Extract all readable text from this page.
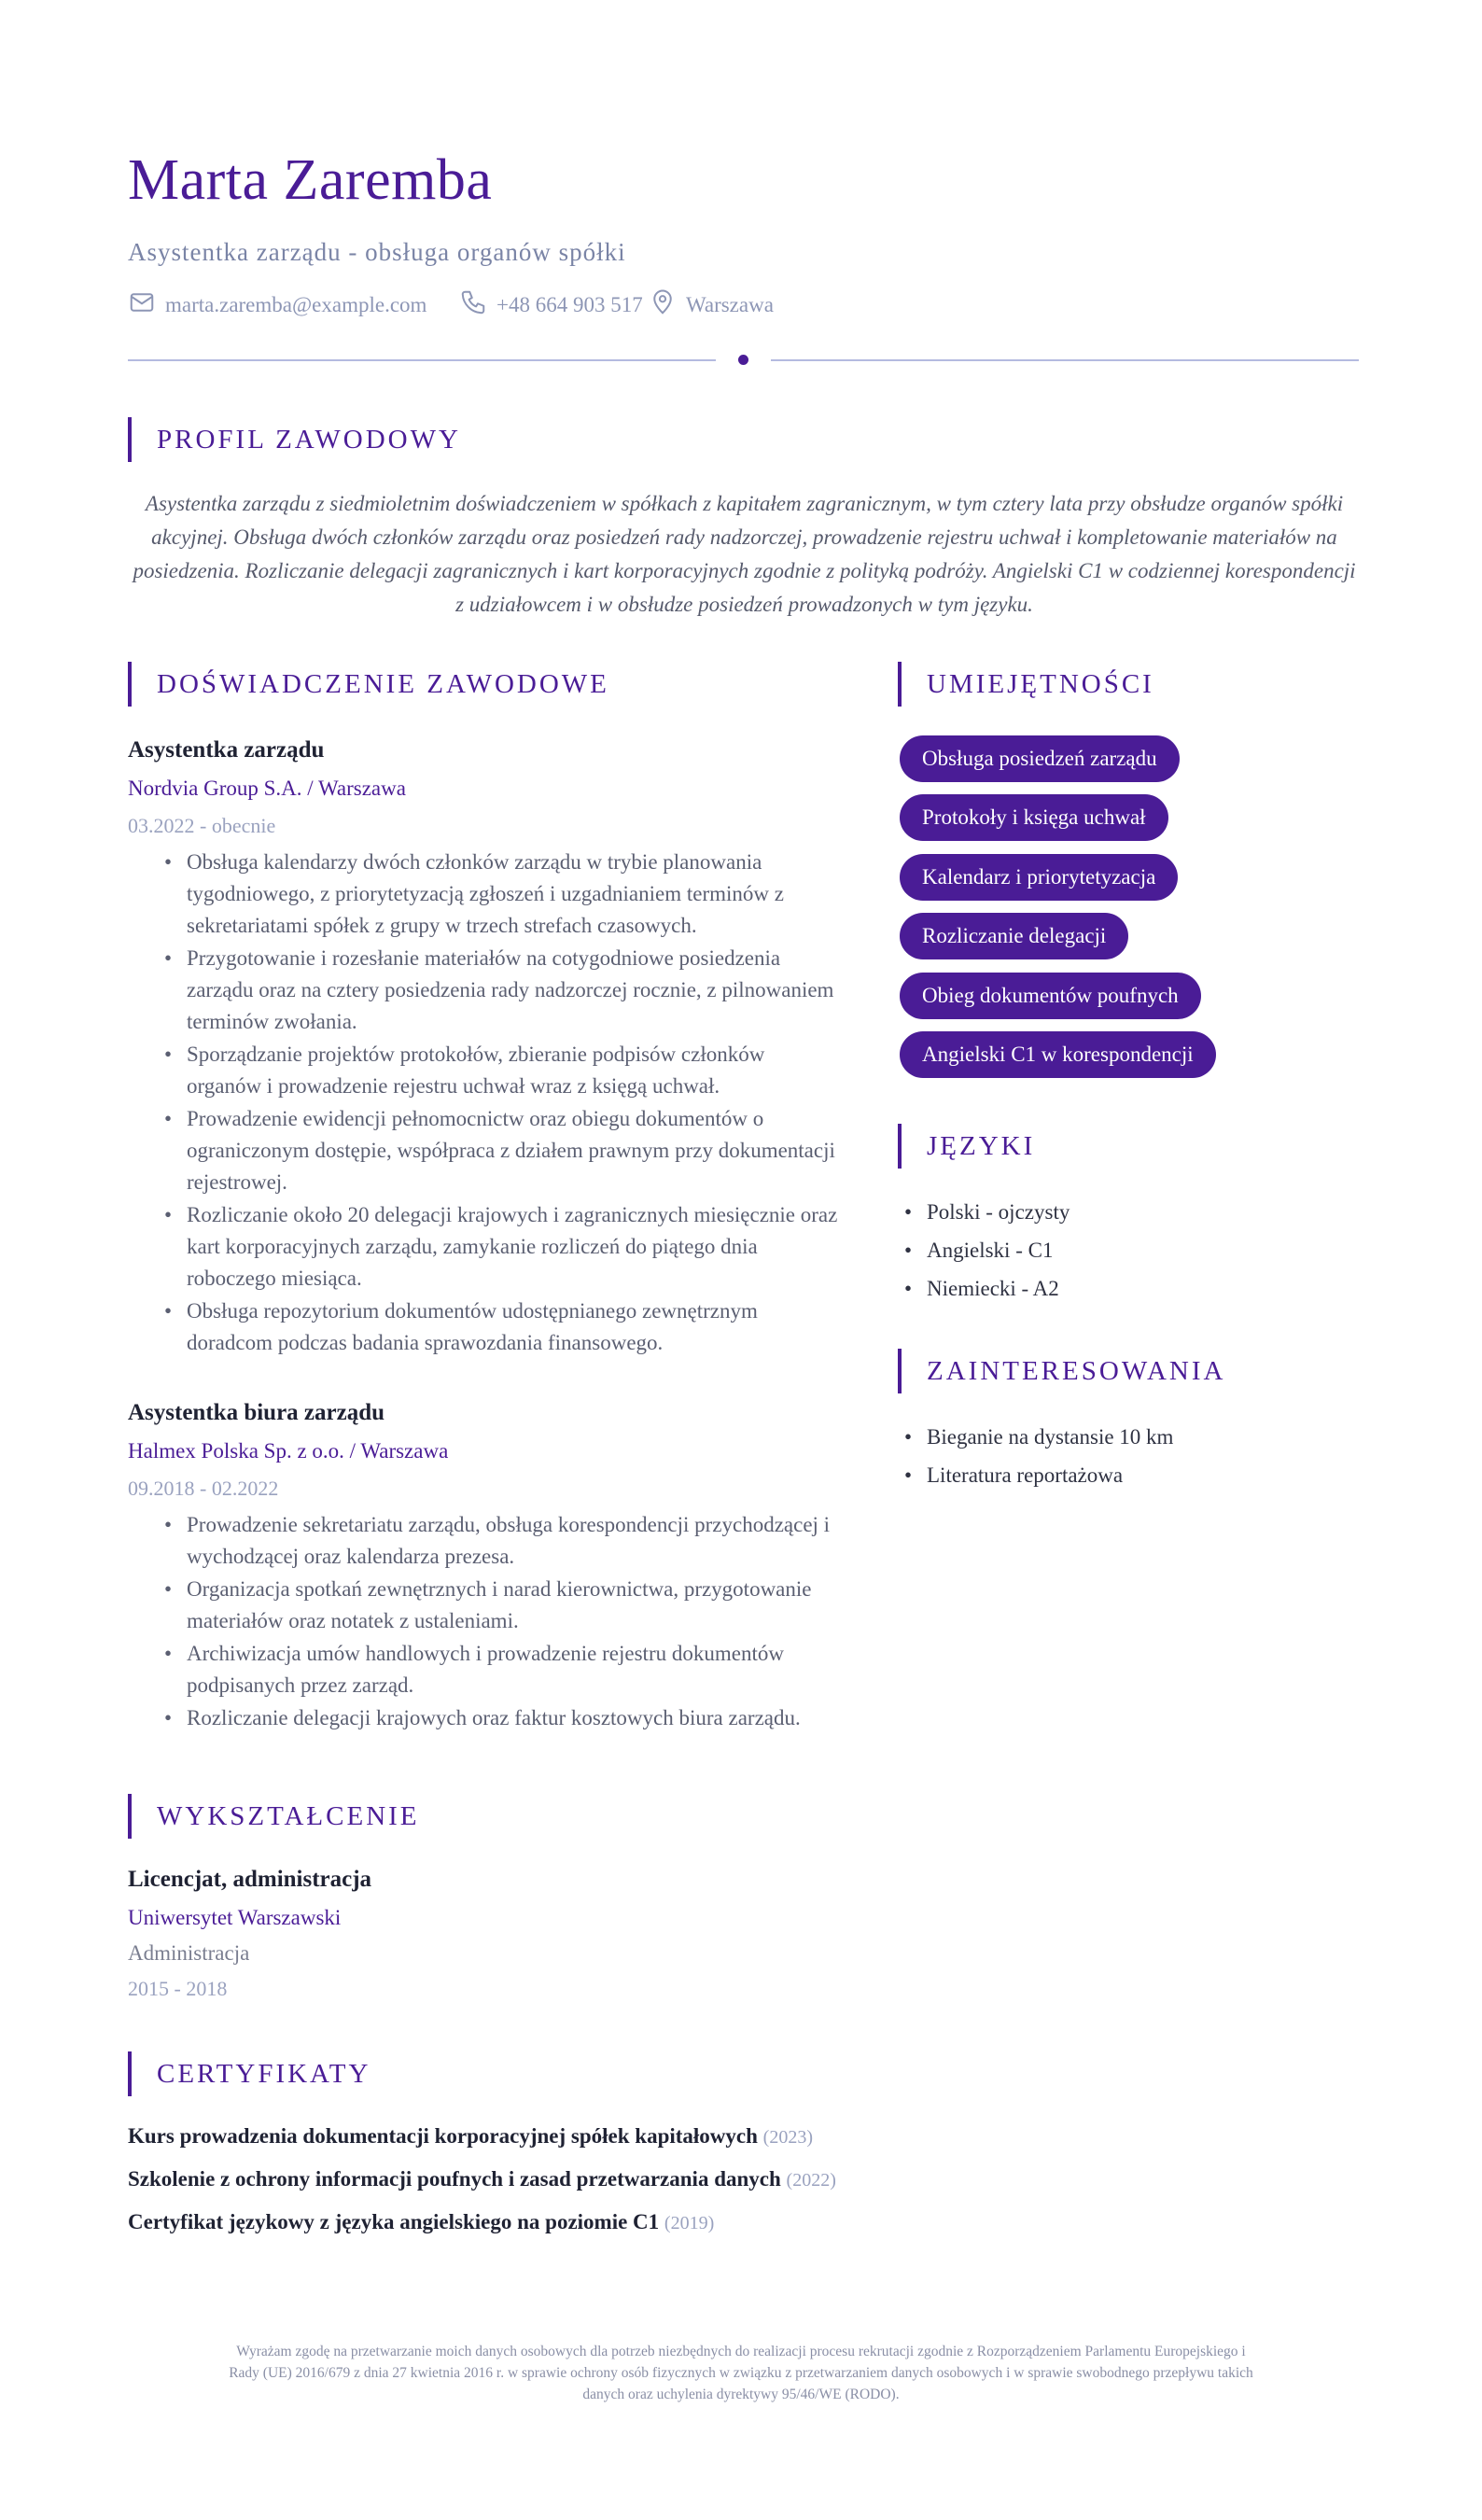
Marta Zaremba
Asystentka zarządu - obsługa organów spółki
marta.zaremba@example.com	+48 664 903 517 Warszawa
PROFIL ZAWODOWY
Asystentka zarządu z siedmioletnim doświadczeniem w spółkach z kapitałem zagranicznym, w tym cztery lata przy obsłudze organów spółki akcyjnej. Obsługa dwóch członków zarządu oraz posiedzeń rady nadzorczej, prowadzenie rejestru uchwał i kompletowanie materiałów na posiedzenia. Rozliczanie delegacji zagranicznych i kart korporacyjnych zgodnie z polityką podróży. Angielski C1 w codziennej korespondencji z udziałowcem i w obsłudze posiedzeń prowadzonych w tym języku.
DOŚWIADCZENIE ZAWODOWE
Asystentka zarządu
Nordvia Group S.A. / Warszawa
03.2022 - obecnie
• Obsługa kalendarzy dwóch członków zarządu w trybie planowania tygodniowego, z priorytetyzacją zgłoszeń i uzgadnianiem terminów z sekretariatami spółek z grupy w trzech strefach czasowych.
• Przygotowanie i rozesłanie materiałów na cotygodniowe posiedzenia zarządu oraz na cztery posiedzenia rady nadzorczej rocznie, z pilnowaniem terminów zwołania.
• Sporządzanie projektów protokołów, zbieranie podpisów członków organów i prowadzenie rejestru uchwał wraz z księgą uchwał.
• Prowadzenie ewidencji pełnomocnictw oraz obiegu dokumentów o ograniczonym dostępie, współpraca z działem prawnym przy dokumentacji rejestrowej.
• Rozliczanie około 20 delegacji krajowych i zagranicznych miesięcznie oraz kart korporacyjnych zarządu, zamykanie rozliczeń do piątego dnia roboczego miesiąca.
• Obsługa repozytorium dokumentów udostępnianego zewnętrznym doradcom podczas badania sprawozdania finansowego.
Asystentka biura zarządu
Halmex Polska Sp. z o.o. / Warszawa
09.2018 - 02.2022
• Prowadzenie sekretariatu zarządu, obsługa korespondencji przychodzącej i wychodzącej oraz kalendarza prezesa.
• Organizacja spotkań zewnętrznych i narad kierownictwa, przygotowanie materiałów oraz notatek z ustaleniami.
• Archiwizacja umów handlowych i prowadzenie rejestru dokumentów podpisanych przez zarząd.
• Rozliczanie delegacji krajowych oraz faktur kosztowych biura zarządu.
UMIEJĘTNOŚCI
Obsługa posiedzeń zarządu
Protokoły i księga uchwał
Kalendarz i priorytetyzacja
Rozliczanie delegacji
Obieg dokumentów poufnych
Angielski C1 w korespondencji
JĘZYKI
• Polski - ojczysty
• Angielski - C1
• Niemiecki - A2
ZAINTERESOWANIA
• Bieganie na dystansie 10 km
• Literatura reportażowa
WYKSZTAŁCENIE
Licencjat, administracja
Uniwersytet Warszawski
Administracja
2015 - 2018
CERTYFIKATY
Kurs prowadzenia dokumentacji korporacyjnej spółek kapitałowych (2023)
Szkolenie z ochrony informacji poufnych i zasad przetwarzania danych (2022)
Certyfikat językowy z języka angielskiego na poziomie C1 (2019)
Wyrażam zgodę na przetwarzanie moich danych osobowych dla potrzeb niezbędnych do realizacji procesu rekrutacji zgodnie z Rozporządzeniem Parlamentu Europejskiego i Rady (UE) 2016/679 z dnia 27 kwietnia 2016 r. w sprawie ochrony osób fizycznych w związku z przetwarzaniem danych osobowych i w sprawie swobodnego przepływu takich danych oraz uchylenia dyrektywy 95/46/WE (RODO).
